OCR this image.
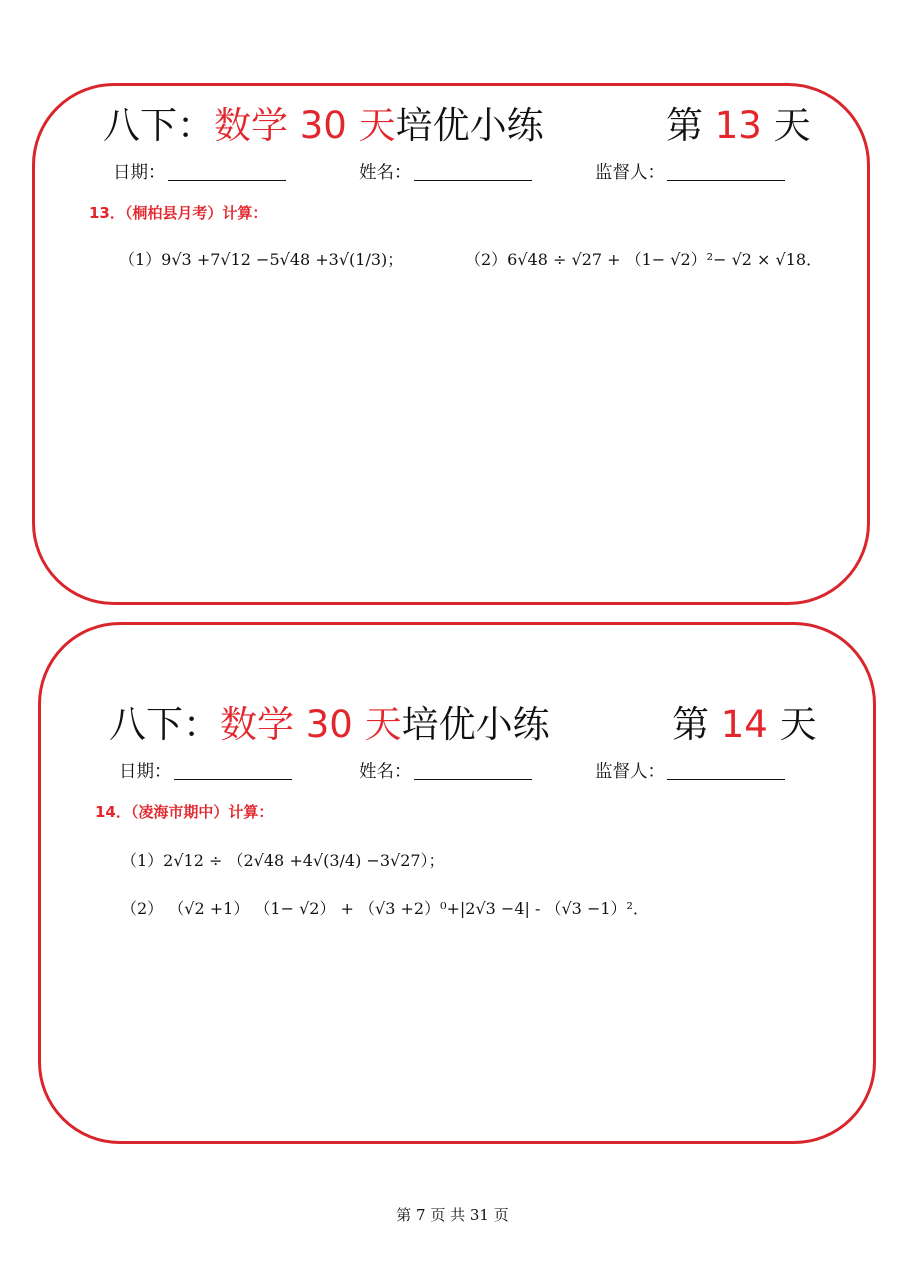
八下：数学 30 天培优小练	第 13 天
日期：	姓名：	监督人：
13．（桐柏县月考）计算：
（1）9√3 +7√12 −5√48 +3√(1/3)；	（2）6√48 ÷ √27 + （1− √2）²− √2 × √18．
八下：数学 30 天培优小练	第 14 天
日期：	姓名：	监督人：
14．（凌海市期中）计算：
（1）2√12 ÷ （2√48 +4√(3/4) −3√27）；
（2） （√2 +1） （1− √2） + （√3 +2）⁰+|2√3 −4| - （√3 −1）²．
第 7 页 共 31 页
